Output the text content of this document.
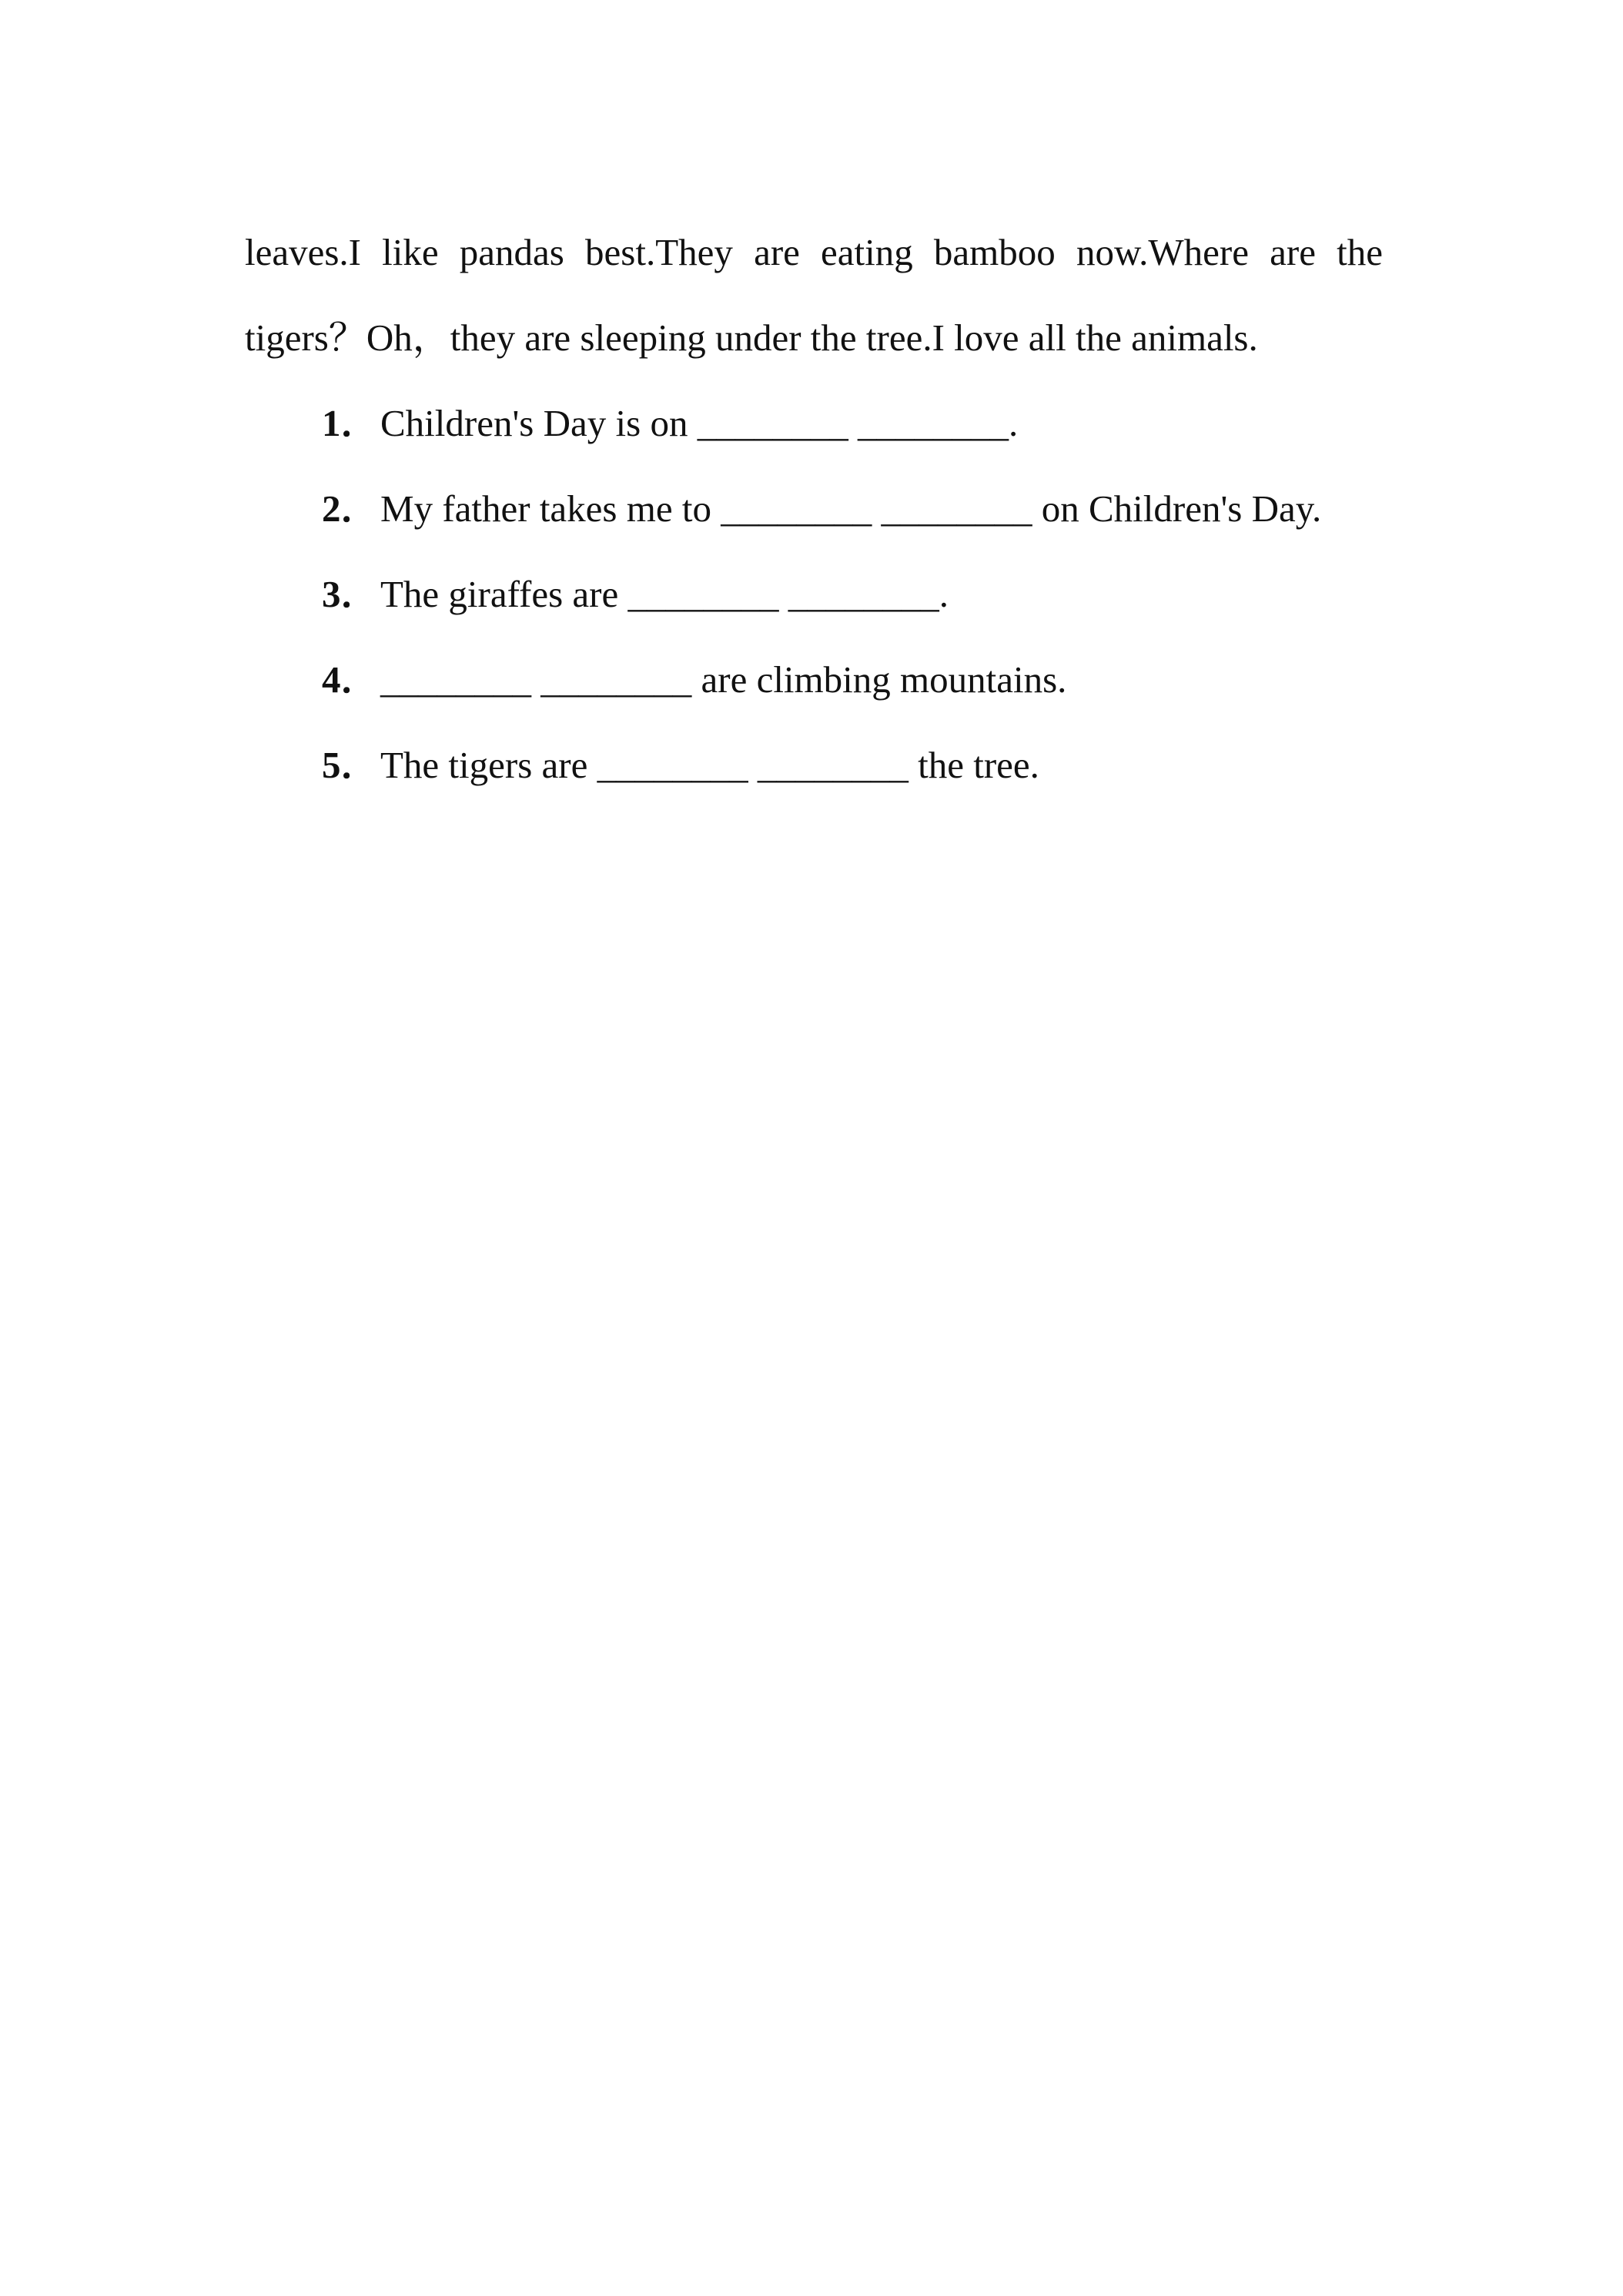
leaves.I like pandas best.They are eating bamboo now.Where are the
tigers？Oh，they are sleeping under the tree.I love all the animals.
1．Children's Day is on ________ ________.
2．My father takes me to ________ ________ on Children's Day.
3．The giraffes are ________ ________.
4．________ ________ are climbing mountains.
5．The tigers are ________ ________ the tree.
